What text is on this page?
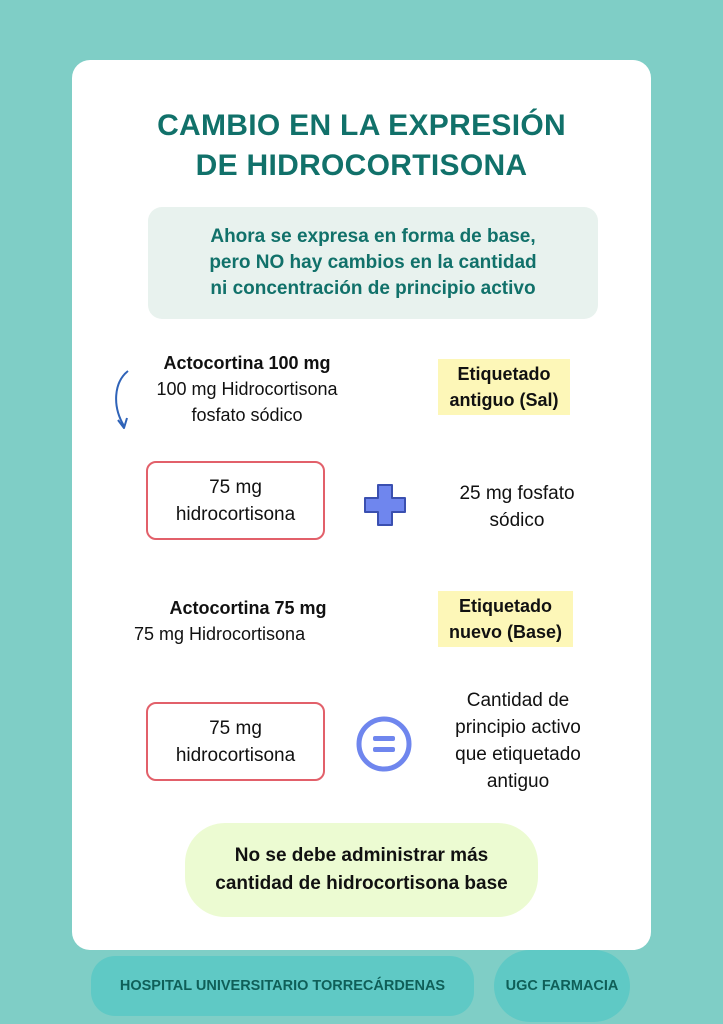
CAMBIO EN LA EXPRESIÓN
DE HIDROCORTISONA
Ahora se expresa en forma de base,
pero NO hay cambios en la cantidad
ni concentración de principio activo
Actocortina 100 mg
100 mg Hidrocortisona
fosfato sódico
Etiquetado
antiguo (Sal)
75 mg
hidrocortisona
25 mg fosfato
sódico
Actocortina 75 mg
75 mg Hidrocortisona
Etiquetado
nuevo (Base)
75 mg
hidrocortisona
Cantidad de
principio activo
que etiquetado
antiguo
No se debe administrar más
cantidad de hidrocortisona base
HOSPITAL UNIVERSITARIO TORRECÁRDENAS	UGC FARMACIA
